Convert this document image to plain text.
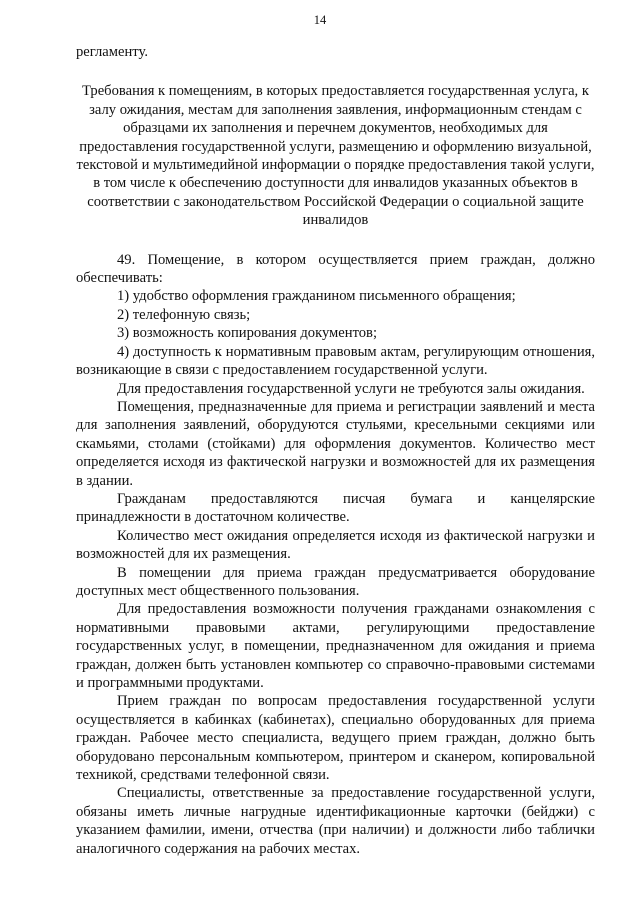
14

регламенту.

Требования к помещениям, в которых предоставляется государственная услуга, к залу ожидания, местам для заполнения заявления, информационным стендам с образцами их заполнения и перечнем документов, необходимых для предоставления государственной услуги, размещению и оформлению визуальной, текстовой и мультимедийной информации о порядке предоставления такой услуги, в том числе к обеспечению доступности для инвалидов указанных объектов в соответствии с законодательством Российской Федерации о социальной защите инвалидов

49. Помещение, в котором осуществляется прием граждан, должно обеспечивать:

1) удобство оформления гражданином письменного обращения;

2) телефонную связь;

3) возможность копирования документов;

4) доступность к нормативным правовым актам, регулирующим отношения, возникающие в связи с предоставлением государственной услуги.

Для предоставления государственной услуги не требуются залы ожидания.

Помещения, предназначенные для приема и регистрации заявлений и места для заполнения заявлений, оборудуются стульями, кресельными секциями или скамьями, столами (стойками) для оформления документов. Количество мест определяется исходя из фактической нагрузки и возможностей для их размещения в здании.

Гражданам предоставляются писчая бумага и канцелярские принадлежности в достаточном количестве.

Количество мест ожидания определяется исходя из фактической нагрузки и возможностей для их размещения.

В помещении для приема граждан предусматривается оборудование доступных мест общественного пользования.

Для предоставления возможности получения гражданами ознакомления с нормативными правовыми актами, регулирующими предоставление государственных услуг, в помещении, предназначенном для ожидания и приема граждан, должен быть установлен компьютер со справочно-правовыми системами и программными продуктами.

Прием граждан по вопросам предоставления государственной услуги осуществляется в кабинках (кабинетах), специально оборудованных для приема граждан. Рабочее место специалиста, ведущего прием граждан, должно быть оборудовано персональным компьютером, принтером и сканером, копировальной техникой, средствами телефонной связи.

Специалисты, ответственные за предоставление государственной услуги, обязаны иметь личные нагрудные идентификационные карточки (бейджи) с указанием фамилии, имени, отчества (при наличии) и должности либо таблички аналогичного содержания на рабочих местах.
